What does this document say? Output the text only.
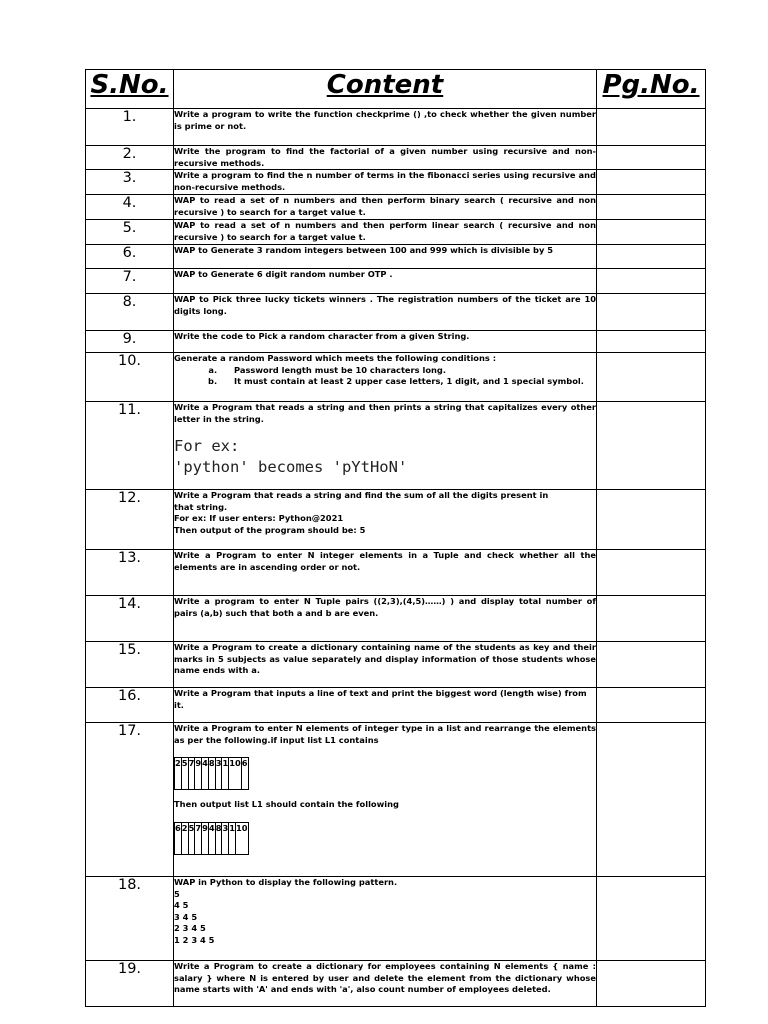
S.No.	Content	Pg.No.
1.	Write a program to write the function checkprime () ,to check whether the given number is prime or not.

2.	Write the program to find the factorial of a given number using recursive and non-recursive methods.

3.	Write a program to find the n number of terms in the fibonacci series using recursive and non-recursive methods.

4.	WAP to read a set of n numbers and then perform binary search ( recursive and non recursive ) to search for a target value t.

5.	WAP to read a set of n numbers and then perform linear search ( recursive and non recursive ) to search for a target value t.

6.	WAP to Generate 3 random integers between 100 and 999 which is divisible by 5

7.	WAP to Generate 6 digit random number OTP .

8.	WAP to Pick three lucky tickets winners . The registration numbers of the ticket are 10 digits long.

9.	Write the code to Pick a random character from a given String.

10.	Generate a random Password which meets the following conditions :
a. Password length must be 10 characters long.
b. It must contain at least 2 upper case letters, 1 digit, and 1 special symbol.

11.	Write a Program that reads a string and then prints a string that capitalizes every other letter in the string.
For ex:
'python' becomes 'pYtHoN'

12.	Write a Program that reads a string and find the sum of all the digits present in
that string.
For ex: If user enters: Python@2021
Then output of the program should be: 5

13.	Write a Program to enter N integer elements in a Tuple and check whether all the elements are in ascending order or not.

14.	Write a program to enter N Tuple pairs ((2,3),(4,5)……) ) and display total number of pairs (a,b) such that both a and b are even.

15.	Write a Program to create a dictionary containing name of the students as key and their marks in 5 subjects as value separately and display information of those students whose name ends with a.

16.	Write a Program that inputs a line of text and print the biggest word (length wise) from it.

17.	Write a Program to enter N elements of integer type in a list and rearrange the elements as per the following.if input list L1 contains
2	5	7	9	4	8	3	1	10	6
Then output list L1 should contain the following
6	2	5	7	9	4	8	3	1	10

18.	WAP in Python to display the following pattern.
5
4 5
3 4 5
2 3 4 5
1 2 3 4 5

19.	Write a Program to create a dictionary for employees containing N elements { name : salary } where N is entered by user and delete the element from the dictionary whose name starts with 'A' and ends with 'a', also count number of employees deleted.
